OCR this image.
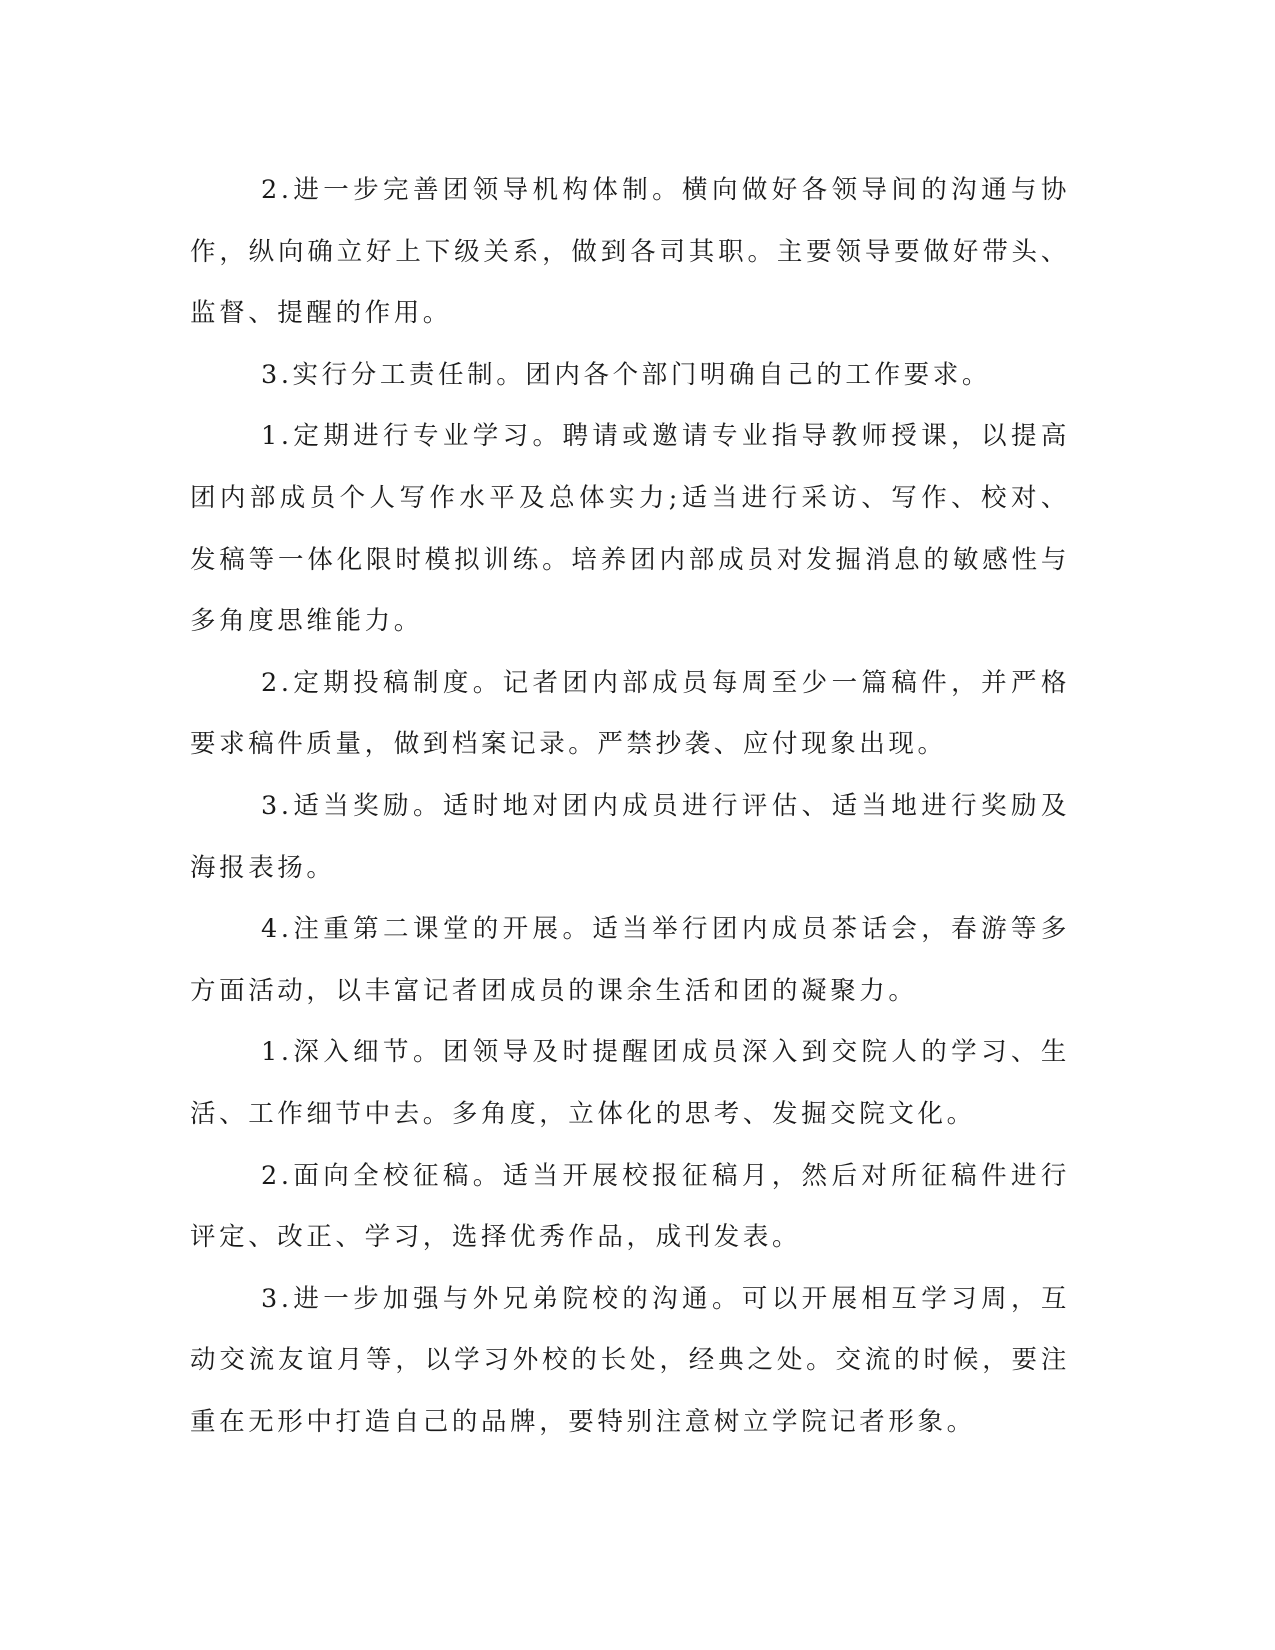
2.进一步完善团领导机构体制。横向做好各领导间的沟通与协作，纵向确立好上下级关系，做到各司其职。主要领导要做好带头、监督、提醒的作用。

3.实行分工责任制。团内各个部门明确自己的工作要求。

1.定期进行专业学习。聘请或邀请专业指导教师授课，以提高团内部成员个人写作水平及总体实力;适当进行采访、写作、校对、发稿等一体化限时模拟训练。培养团内部成员对发掘消息的敏感性与多角度思维能力。

2.定期投稿制度。记者团内部成员每周至少一篇稿件，并严格要求稿件质量，做到档案记录。严禁抄袭、应付现象出现。

3.适当奖励。适时地对团内成员进行评估、适当地进行奖励及海报表扬。

4.注重第二课堂的开展。适当举行团内成员茶话会，春游等多方面活动，以丰富记者团成员的课余生活和团的凝聚力。

1.深入细节。团领导及时提醒团成员深入到交院人的学习、生活、工作细节中去。多角度，立体化的思考、发掘交院文化。

2.面向全校征稿。适当开展校报征稿月，然后对所征稿件进行评定、改正、学习，选择优秀作品，成刊发表。

3.进一步加强与外兄弟院校的沟通。可以开展相互学习周，互动交流友谊月等，以学习外校的长处，经典之处。交流的时候，要注重在无形中打造自己的品牌，要特别注意树立学院记者形象。
